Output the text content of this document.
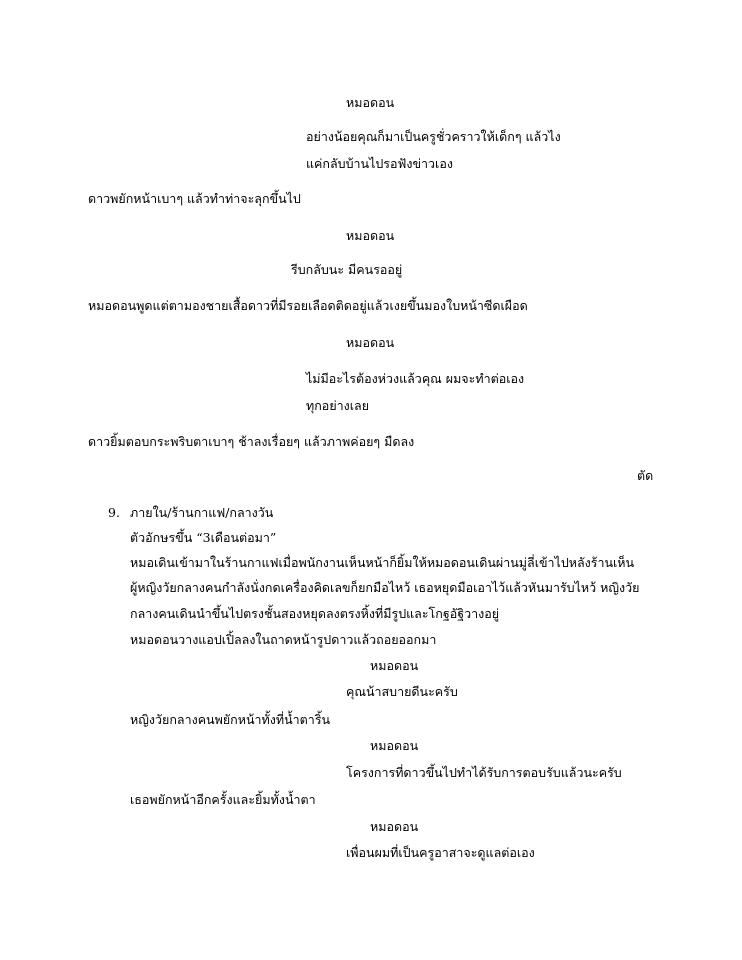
หมอดอน

อย่างน้อยคุณก็มาเป็นครูชั่วคราวให้เด็กๆ แล้วไง

แค่กลับบ้านไปรอฟังข่าวเอง

ดาวพยักหน้าเบาๆ แล้วทำท่าจะลุกขึ้นไป

หมอดอน

รีบกลับนะ มีคนรออยู่

หมอดอนพูดแต่ตามองชายเสื้อดาวที่มีรอยเลือดติดอยู่แล้วเงยขึ้นมองใบหน้าซีดเผือด

หมอดอน

ไม่มีอะไรต้องห่วงแล้วคุณ ผมจะทำต่อเอง

ทุกอย่างเลย

ดาวยิ้มตอบกระพริบตาเบาๆ ช้าลงเรื่อยๆ แล้วภาพค่อยๆ มืดลง

ตัด

9. ภายใน/ร้านกาแฟ/กลางวัน

ตัวอักษรขึ้น “3เดือนต่อมา”

หมอเดินเข้ามาในร้านกาแฟเมื่อพนักงานเห็นหน้าก็ยิ้มให้หมอดอนเดินผ่านมู่ลี่เข้าไปหลังร้านเห็น

ผู้หญิงวัยกลางคนกำลังนั่งกดเครื่องคิดเลขก็ยกมือไหว้ เธอหยุดมือเอาไว้แล้วหันมารับไหว้ หญิงวัย

กลางคนเดินนำขึ้นไปตรงชั้นสองหยุดลงตรงหิ้งที่มีรูปและโกฐอัฐิวางอยู่

หมอดอนวางแอปเปิ้ลลงในถาดหน้ารูปดาวแล้วถอยออกมา

หมอดอน

คุณน้าสบายดีนะครับ

หญิงวัยกลางคนพยักหน้าทั้งที่น้ำตาริ้น

หมอดอน

โครงการที่ดาวขึ้นไปทำได้รับการตอบรับแล้วนะครับ

เธอพยักหน้าอีกครั้งและยิ้มทั้งน้ำตา

หมอดอน

เพื่อนผมที่เป็นครูอาสาจะดูแลต่อเอง
